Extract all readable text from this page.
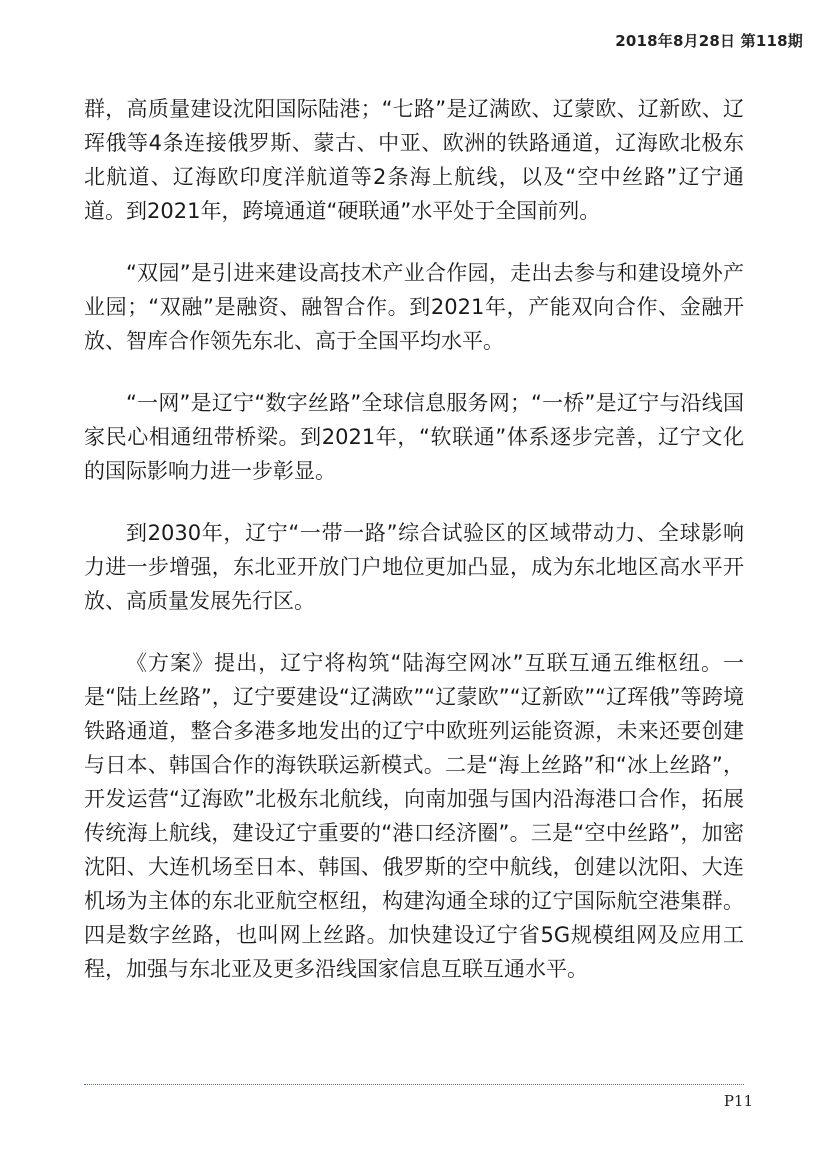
2018年8月28日 第118期

群，高质量建设沈阳国际陆港；“七路”是辽满欧、辽蒙欧、辽新欧、辽珲俄等4条连接俄罗斯、蒙古、中亚、欧洲的铁路通道，辽海欧北极东北航道、辽海欧印度洋航道等2条海上航线，以及“空中丝路”辽宁通道。到2021年，跨境通道“硬联通”水平处于全国前列。

“双园”是引进来建设高技术产业合作园，走出去参与和建设境外产业园；“双融”是融资、融智合作。到2021年，产能双向合作、金融开放、智库合作领先东北、高于全国平均水平。

“一网”是辽宁“数字丝路”全球信息服务网；“一桥”是辽宁与沿线国家民心相通纽带桥梁。到2021年，“软联通”体系逐步完善，辽宁文化的国际影响力进一步彰显。

到2030年，辽宁“一带一路”综合试验区的区域带动力、全球影响力进一步增强，东北亚开放门户地位更加凸显，成为东北地区高水平开放、高质量发展先行区。

《方案》提出，辽宁将构筑“陆海空网冰”互联互通五维枢纽。一是“陆上丝路”，辽宁要建设“辽满欧”“辽蒙欧”“辽新欧”“辽珲俄”等跨境铁路通道，整合多港多地发出的辽宁中欧班列运能资源，未来还要创建与日本、韩国合作的海铁联运新模式。二是“海上丝路”和“冰上丝路”，开发运营“辽海欧”北极东北航线，向南加强与国内沿海港口合作，拓展传统海上航线，建设辽宁重要的“港口经济圈”。三是“空中丝路”，加密沈阳、大连机场至日本、韩国、俄罗斯的空中航线，创建以沈阳、大连机场为主体的东北亚航空枢纽，构建沟通全球的辽宁国际航空港集群。四是数字丝路，也叫网上丝路。加快建设辽宁省5G规模组网及应用工程，加强与东北亚及更多沿线国家信息互联互通水平。

P11
